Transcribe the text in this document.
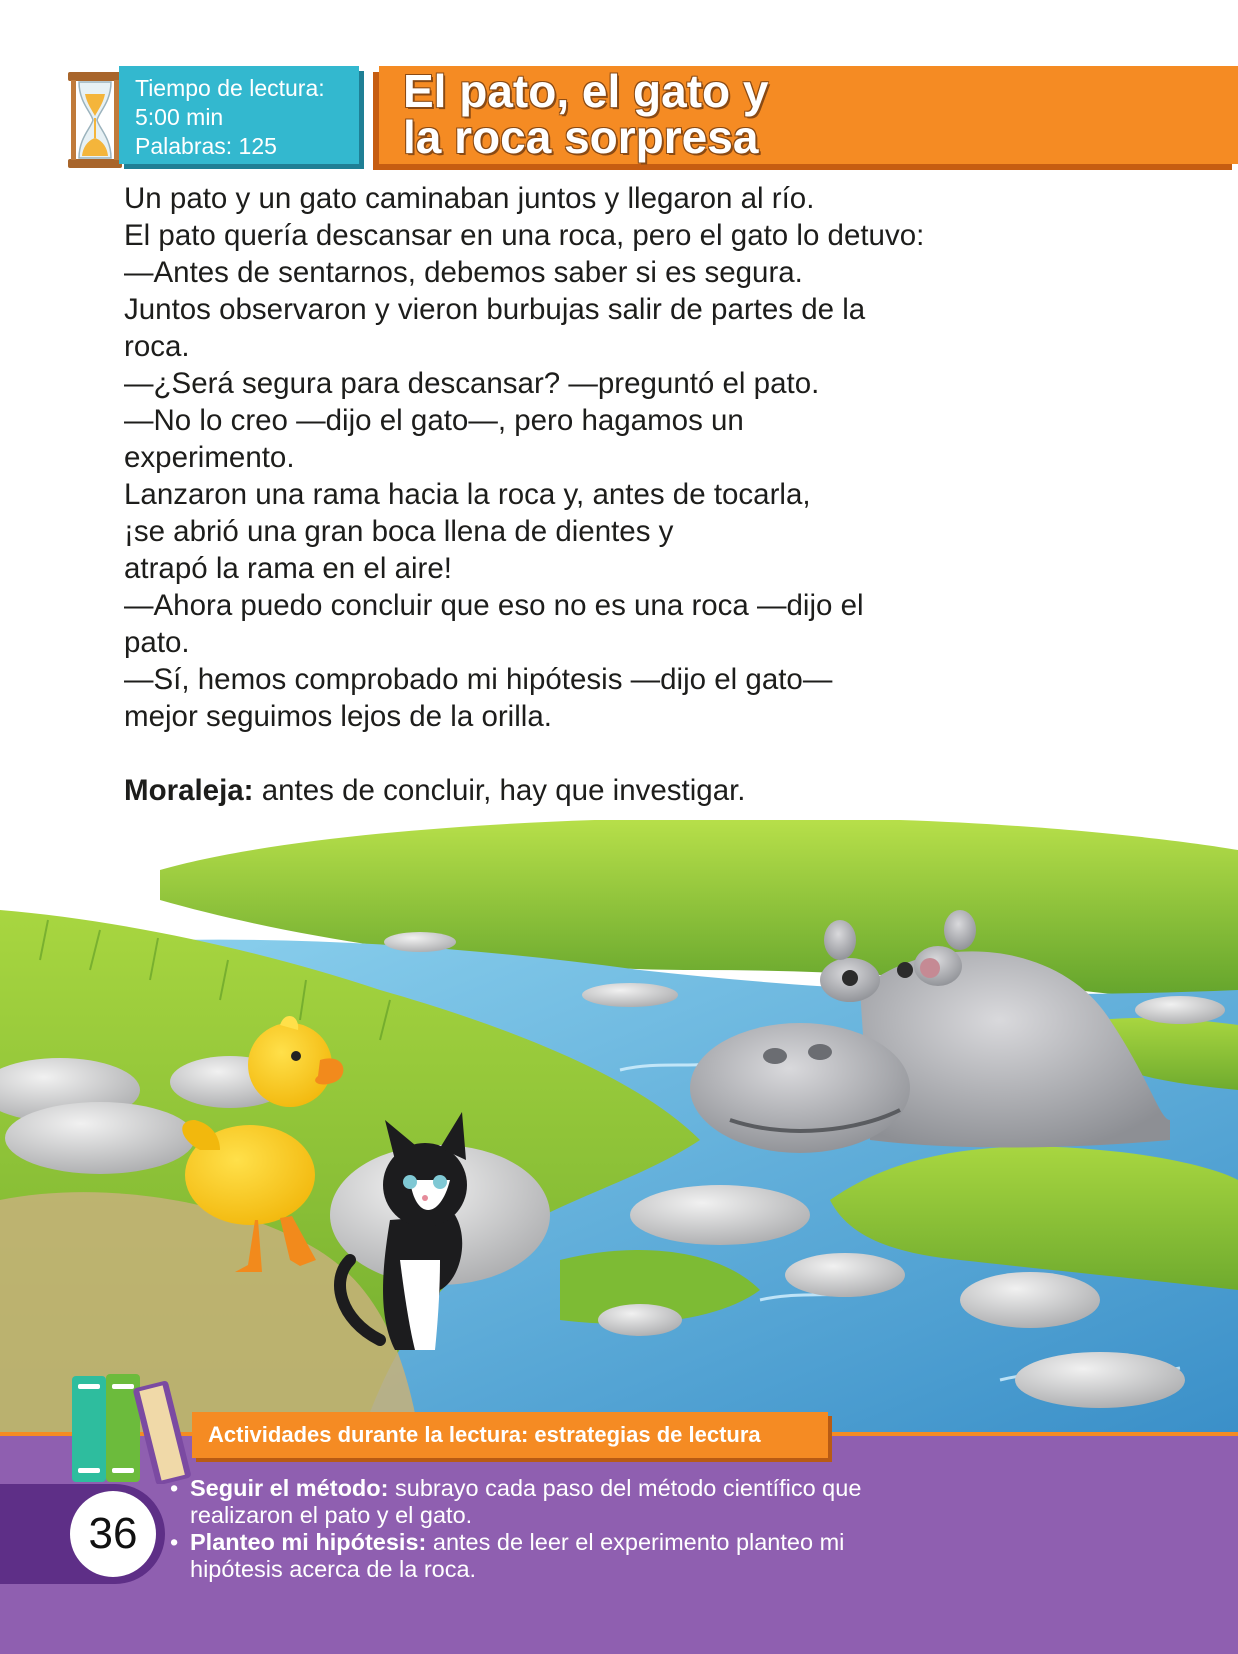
Tiempo de lectura:
5:00 min
Palabras: 125
El pato, el gato y
la roca sorpresa

Un pato y un gato caminaban juntos y llegaron al río.

El pato quería descansar en una roca, pero el gato lo detuvo:

—Antes de sentarnos, debemos saber si es segura.

Juntos observaron y vieron burbujas salir de partes de la

roca.

—¿Será segura para descansar? —preguntó el pato.

—No lo creo —dijo el gato—, pero hagamos un

experimento.

Lanzaron una rama hacia la roca y, antes de tocarla,

¡se abrió una gran boca llena de dientes y

atrapó la rama en el aire!

—Ahora puedo concluir que eso no es una roca —dijo el

pato.

—Sí, hemos comprobado mi hipótesis —dijo el gato—

mejor seguimos lejos de la orilla.

Moraleja: antes de concluir, hay que investigar.

Actividades durante la lectura: estrategias de lectura
36
• Seguir el método: subrayo cada paso del método científico que
realizaron el pato y el gato.
• Planteo mi hipótesis: antes de leer el experimento planteo mi
hipótesis acerca de la roca.
